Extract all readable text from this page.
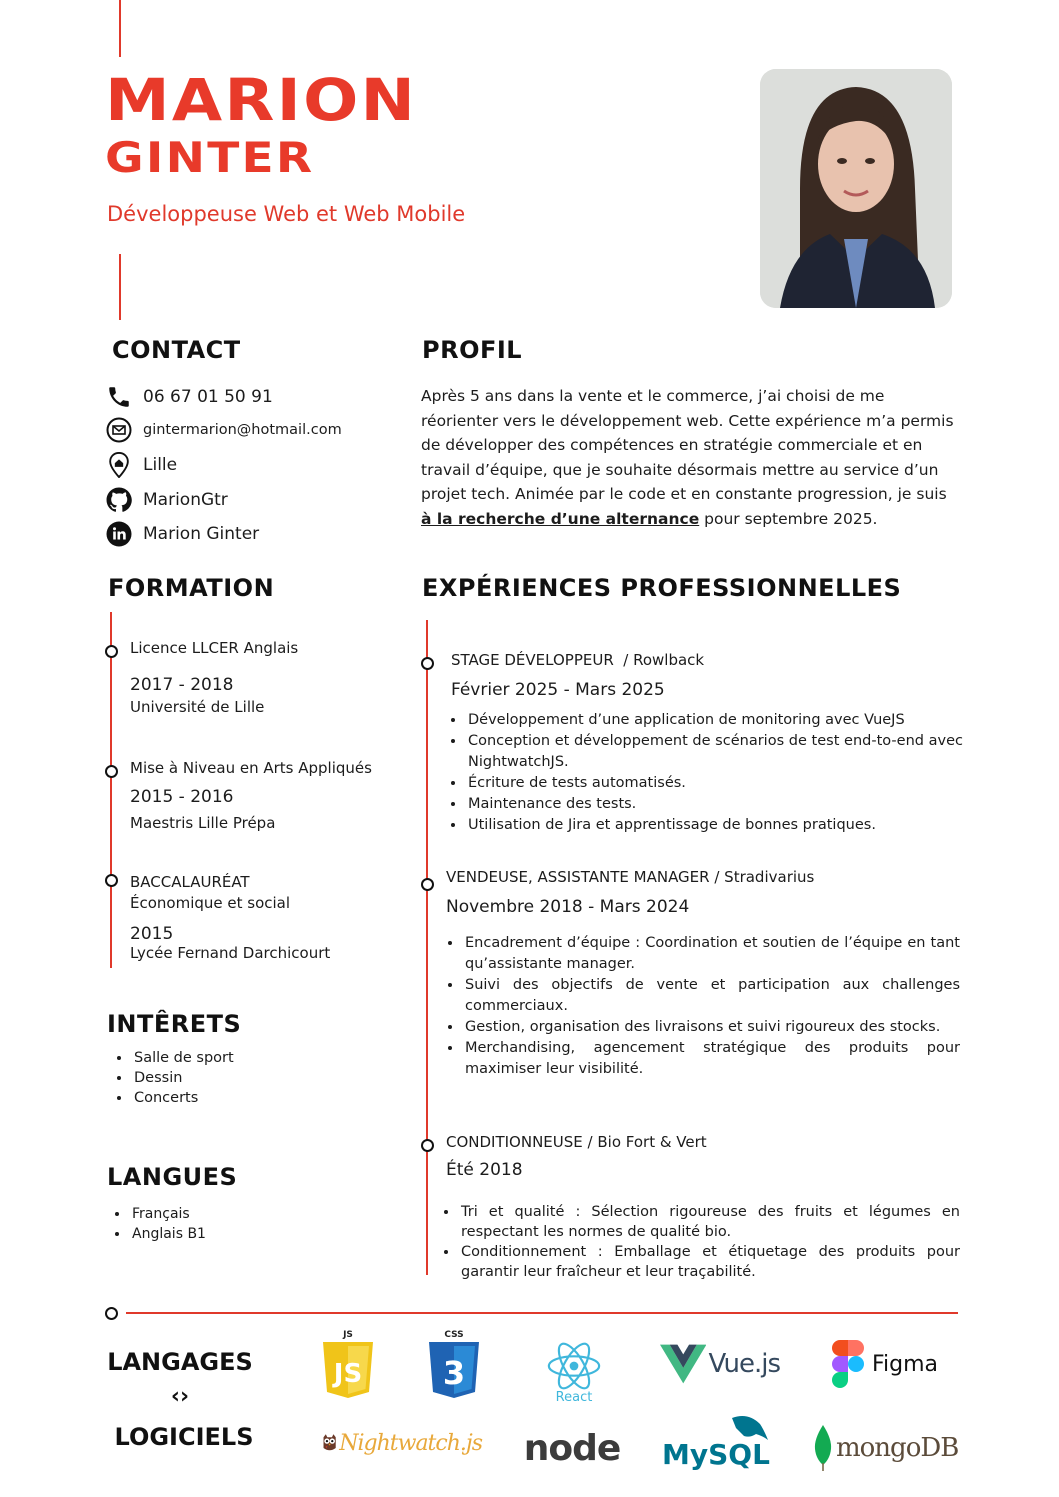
MARION
GINTER
Développeuse Web et Web Mobile
CONTACT
06 67 01 50 91
gintermarion@hotmail.com
Lille
MarionGtr
Marion Ginter
PROFIL
Après 5 ans dans la vente et le commerce, j’ai choisi de me réorienter vers le développement web. Cette expérience m’a permis de développer des compétences en stratégie commerciale et en travail d’équipe, que je souhaite désormais mettre au service d’un projet tech. Animée par le code et en constante progression, je suis à la recherche d’une alternance pour septembre 2025.
FORMATION
Licence LLCER Anglais
2017 - 2018
Université de Lille
Mise à Niveau en Arts Appliqués
2015 - 2016
Maestris Lille Prépa
BACCALAURÉAT
Économique et social
2015
Lycée Fernand Darchicourt
INTÊRETS
• Salle de sport
• Dessin
• Concerts
LANGUES
• Français
• Anglais B1
EXPÉRIENCES PROFESSIONNELLES
STAGE DÉVELOPPEUR  / Rowlback
Février 2025 - Mars 2025
• Développement d’une application de monitoring avec VueJS
• Conception et développement de scénarios de test end-to-end avec NightwatchJS.
• Écriture de tests automatisés.
• Maintenance des tests.
• Utilisation de Jira et apprentissage de bonnes pratiques.
VENDEUSE, ASSISTANTE MANAGER / Stradivarius
Novembre 2018 - Mars 2024
• Encadrement d’équipe : Coordination et soutien de l’équipe en tant qu’assistante manager.
• Suivi des objectifs de vente et participation aux challenges commerciaux.
• Gestion, organisation des livraisons et suivi rigoureux des stocks.
• Merchandising, agencement stratégique des produits pour maximiser leur visibilité.
CONDITIONNEUSE / Bio Fort & Vert
Été 2018
• Tri et qualité : Sélection rigoureuse des fruits et légumes en respectant les normes de qualité bio.
• Conditionnement : Emballage et étiquetage des produits pour garantir leur fraîcheur et leur traçabilité.
LANGAGES
‹›
LOGICIELS
JS
JS
CSS
3
React
Vue.js	Figma
Nightwatch.js node MySQL	mongoDB
